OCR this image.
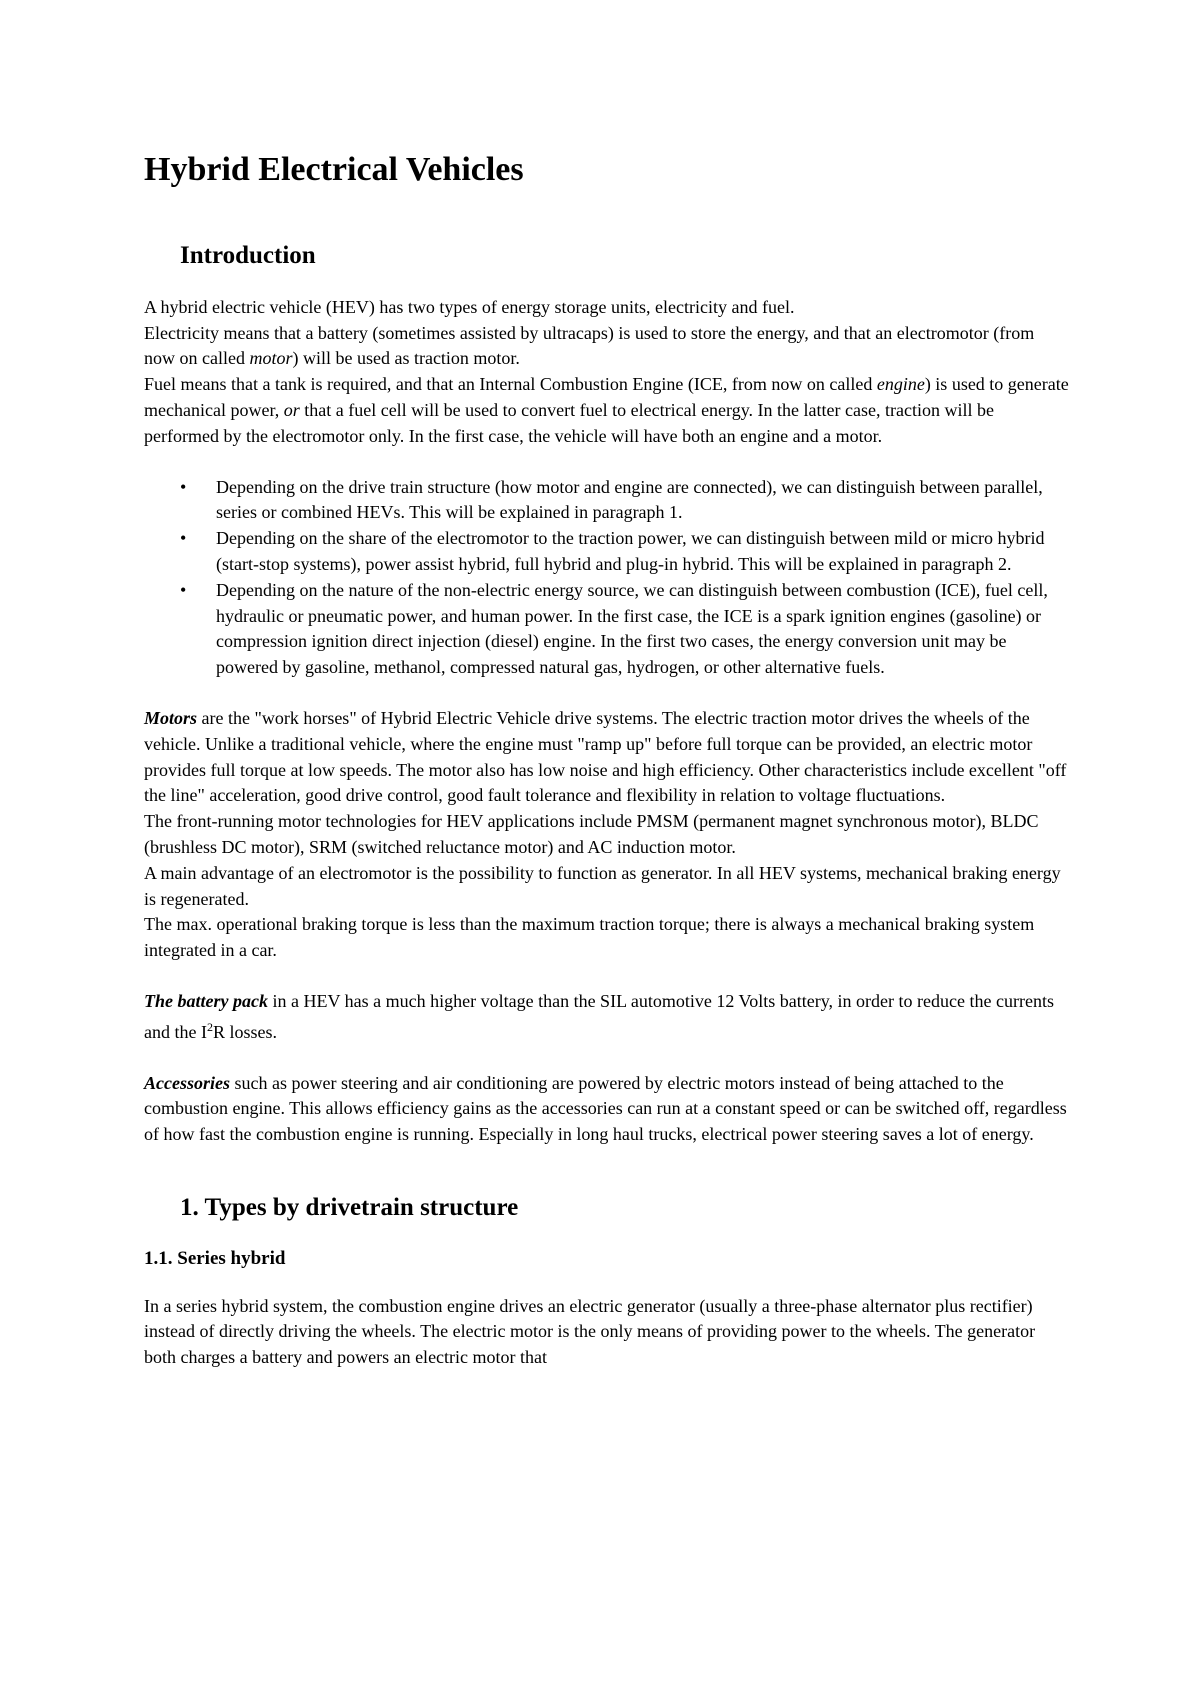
Hybrid Electrical Vehicles
Introduction

A hybrid electric vehicle (HEV) has two types of energy storage units, electricity and fuel.
Electricity means that a battery (sometimes assisted by ultracaps) is used to store the energy, and that an electromotor (from now on called motor) will be used as traction motor.
Fuel means that a tank is required, and that an Internal Combustion Engine (ICE, from now on called engine) is used to generate mechanical power, or that a fuel cell will be used to convert fuel to electrical energy. In the latter case, traction will be performed by the electromotor only. In the first case, the vehicle will have both an engine and a motor.

• Depending on the drive train structure (how motor and engine are connected), we can distinguish between parallel, series or combined HEVs. This will be explained in paragraph 1.
• Depending on the share of the electromotor to the traction power, we can distinguish between mild or micro hybrid (start-stop systems), power assist hybrid, full hybrid and plug-in hybrid. This will be explained in paragraph 2.
• Depending on the nature of the non-electric energy source, we can distinguish between combustion (ICE), fuel cell, hydraulic or pneumatic power, and human power. In the first case, the ICE is a spark ignition engines (gasoline) or compression ignition direct injection (diesel) engine. In the first two cases, the energy conversion unit may be powered by gasoline, methanol, compressed natural gas, hydrogen, or other alternative fuels.

Motors are the "work horses" of Hybrid Electric Vehicle drive systems. The electric traction motor drives the wheels of the vehicle. Unlike a traditional vehicle, where the engine must "ramp up" before full torque can be provided, an electric motor provides full torque at low speeds. The motor also has low noise and high efficiency. Other characteristics include excellent "off the line" acceleration, good drive control, good fault tolerance and flexibility in relation to voltage fluctuations.
The front-running motor technologies for HEV applications include PMSM (permanent magnet synchronous motor), BLDC (brushless DC motor), SRM (switched reluctance motor) and AC induction motor.
A main advantage of an electromotor is the possibility to function as generator. In all HEV systems, mechanical braking energy is regenerated.
The max. operational braking torque is less than the maximum traction torque; there is always a mechanical braking system integrated in a car.

The battery pack in a HEV has a much higher voltage than the SIL automotive 12 Volts battery, in order to reduce the currents and the $I^2R$ losses.

Accessories such as power steering and air conditioning are powered by electric motors instead of being attached to the combustion engine. This allows efficiency gains as the accessories can run at a constant speed or can be switched off, regardless of how fast the combustion engine is running. Especially in long haul trucks, electrical power steering saves a lot of energy.

1. Types by drivetrain structure
1.1. Series hybrid

In a series hybrid system, the combustion engine drives an electric generator (usually a three-phase alternator plus rectifier) instead of directly driving the wheels. The electric motor is the only means of providing power to the wheels. The generator both charges a battery and powers an electric motor that
